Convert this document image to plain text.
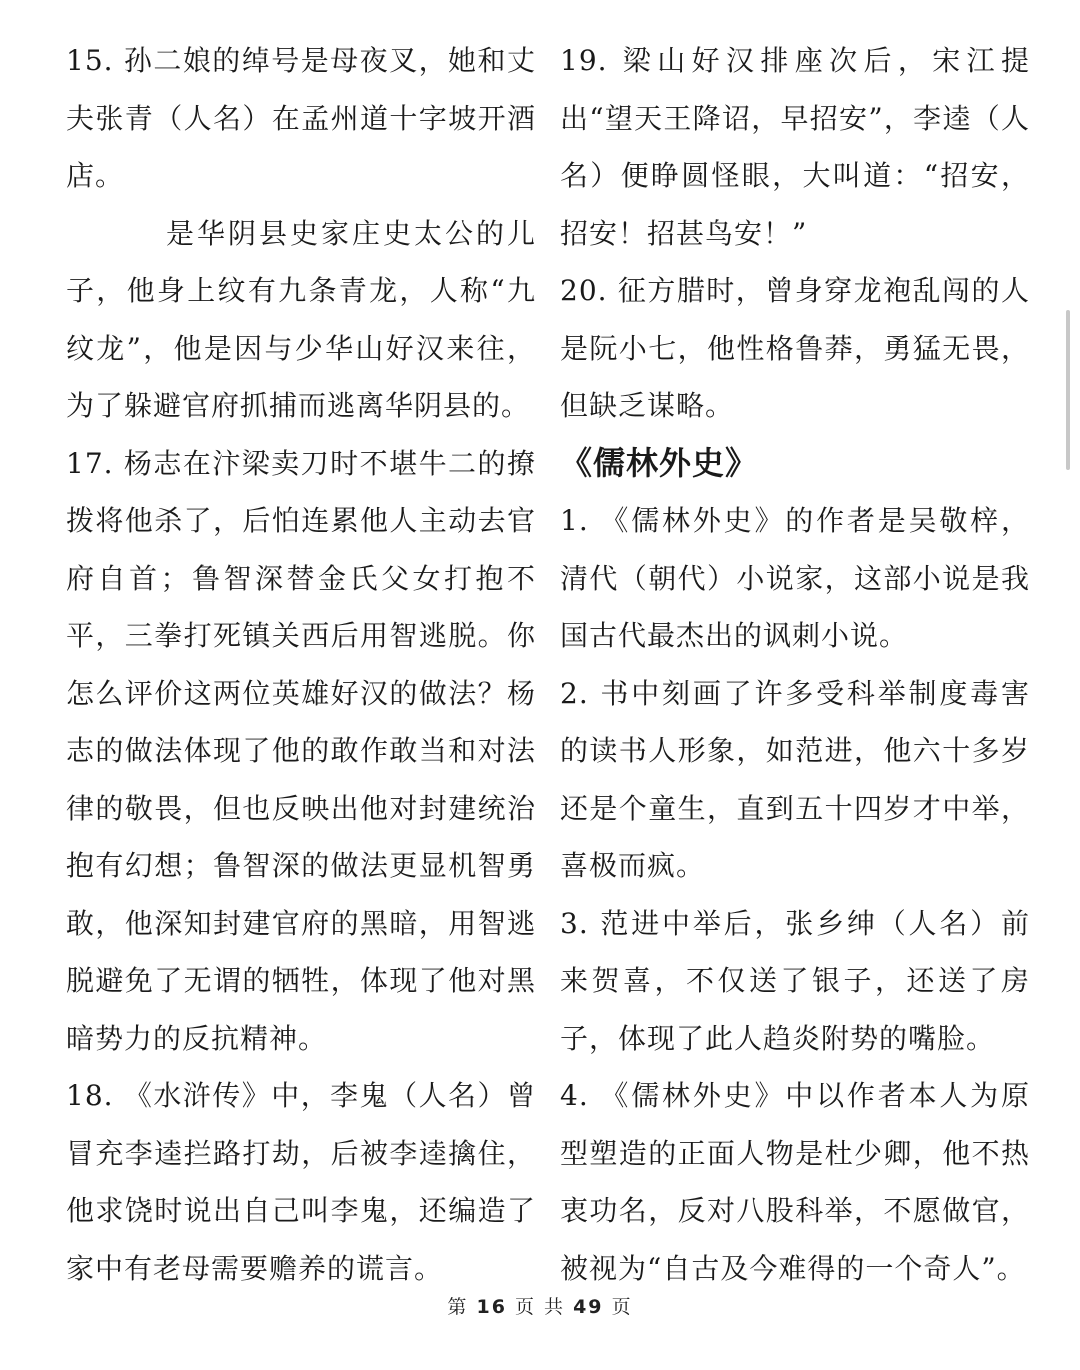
15. 孙二娘的绰号是母夜叉，她和丈夫张青（人名）在孟州道十字坡开酒店。

是华阴县史家庄史太公的儿子，他身上纹有九条青龙，人称“九纹龙”，他是因与少华山好汉来往，为了躲避官府抓捕而逃离华阴县的。

17. 杨志在汴梁卖刀时不堪牛二的撩拨将他杀了，后怕连累他人主动去官府自首；鲁智深替金氏父女打抱不平，三拳打死镇关西后用智逃脱。你怎么评价这两位英雄好汉的做法？杨志的做法体现了他的敢作敢当和对法律的敬畏，但也反映出他对封建统治抱有幻想；鲁智深的做法更显机智勇敢，他深知封建官府的黑暗，用智逃脱避免了无谓的牺牲，体现了他对黑暗势力的反抗精神。

18. 《水浒传》中，李鬼（人名）曾冒充李逵拦路打劫，后被李逵擒住，他求饶时说出自己叫李鬼，还编造了家中有老母需要赡养的谎言。

19. 梁山好汉排座次后，宋江提出“望天王降诏，早招安”，李逵（人名）便睁圆怪眼，大叫道：“招安，招安！招甚鸟安！”

20. 征方腊时，曾身穿龙袍乱闯的人是阮小七，他性格鲁莽，勇猛无畏，但缺乏谋略。

《儒林外史》

1. 《儒林外史》的作者是吴敬梓，清代（朝代）小说家，这部小说是我国古代最杰出的讽刺小说。

2. 书中刻画了许多受科举制度毒害的读书人形象，如范进，他六十多岁还是个童生，直到五十四岁才中举，喜极而疯。

3. 范进中举后，张乡绅（人名）前来贺喜，不仅送了银子，还送了房子，体现了此人趋炎附势的嘴脸。

4. 《儒林外史》中以作者本人为原型塑造的正面人物是杜少卿，他不热衷功名，反对八股科举，不愿做官，被视为“自古及今难得的一个奇人”。

第 16 页 共 49 页
